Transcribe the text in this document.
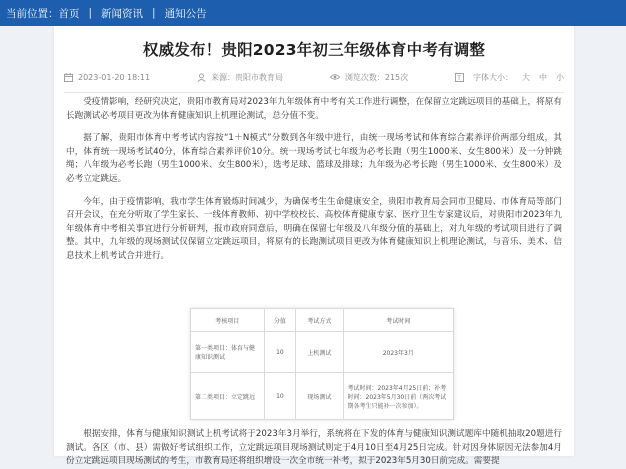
当前位置： 首页 | 新闻资讯 | 通知公告
权威发布！贵阳2023年初三年级体育中考有调整
2023-01-20 18:11	来源：贵阳市教育局	浏览次数：215次	T 字体大小： 大 中 小

受疫情影响，经研究决定，贵阳市教育局对2023年九年级体育中考有关工作进行调整，在保留立定跳远项目的基础上，将原有长跑测试必考项目更改为体育健康知识上机理论测试，总分值不变。

据了解，贵阳市体育中考考试内容按“1＋N模式”分数到各年级中进行，由统一现场考试和体育综合素养评价两部分组成，其中，体育统一现场考试40分，体育综合素养评价10分。统一现场考试七年级为必考长跑（男生1000米、女生800米）及一分钟跳绳；八年级为必考长跑（男生1000米、女生800米），选考足球、篮球及排球；九年级为必考长跑（男生1000米、女生800米）及必考立定跳远。

今年，由于疫情影响，我市学生体育锻炼时间减少，为确保考生生命健康安全，贵阳市教育局会同市卫健局、市体育局等部门召开会议，在充分听取了学生家长、一线体育教师、初中学校校长、高校体育健康专家、医疗卫生专家建议后，对贵阳市2023年九年级体育中考相关事宜进行分析研判，报市政府同意后，明确在保留七年级及八年级分值的基础上，对九年级的考试项目进行了调整。其中，九年级的现场测试仅保留立定跳远项目，将原有的长跑测试项目更改为体育健康知识上机理论测试，与音乐、美术、信息技术上机考试合并进行。

考核项目	分值	考试方式	考试时间
第一类项目：体育与健康知识测试	10	上机测试	2023年3月
第二类项目：立定跳远	10	现场测试	考试时间：2023年4月25日前；补考时间：2023年5月30日前（两次考试期各考生只能补一次参加）。

根据安排，体育与健康知识测试上机考试将于2023年3月举行，系统将在下发的体育与健康知识测试题库中随机抽取20题进行测试。各区（市、县）需做好考试组织工作，立定跳远项目现场测试则定于4月10日至4月25日完成。针对因身体原因无法参加4月份立定跳远项目现场测试的考生，市教育局还将组织增设一次全市统一补考，拟于2023年5月30日前完成。需要提
